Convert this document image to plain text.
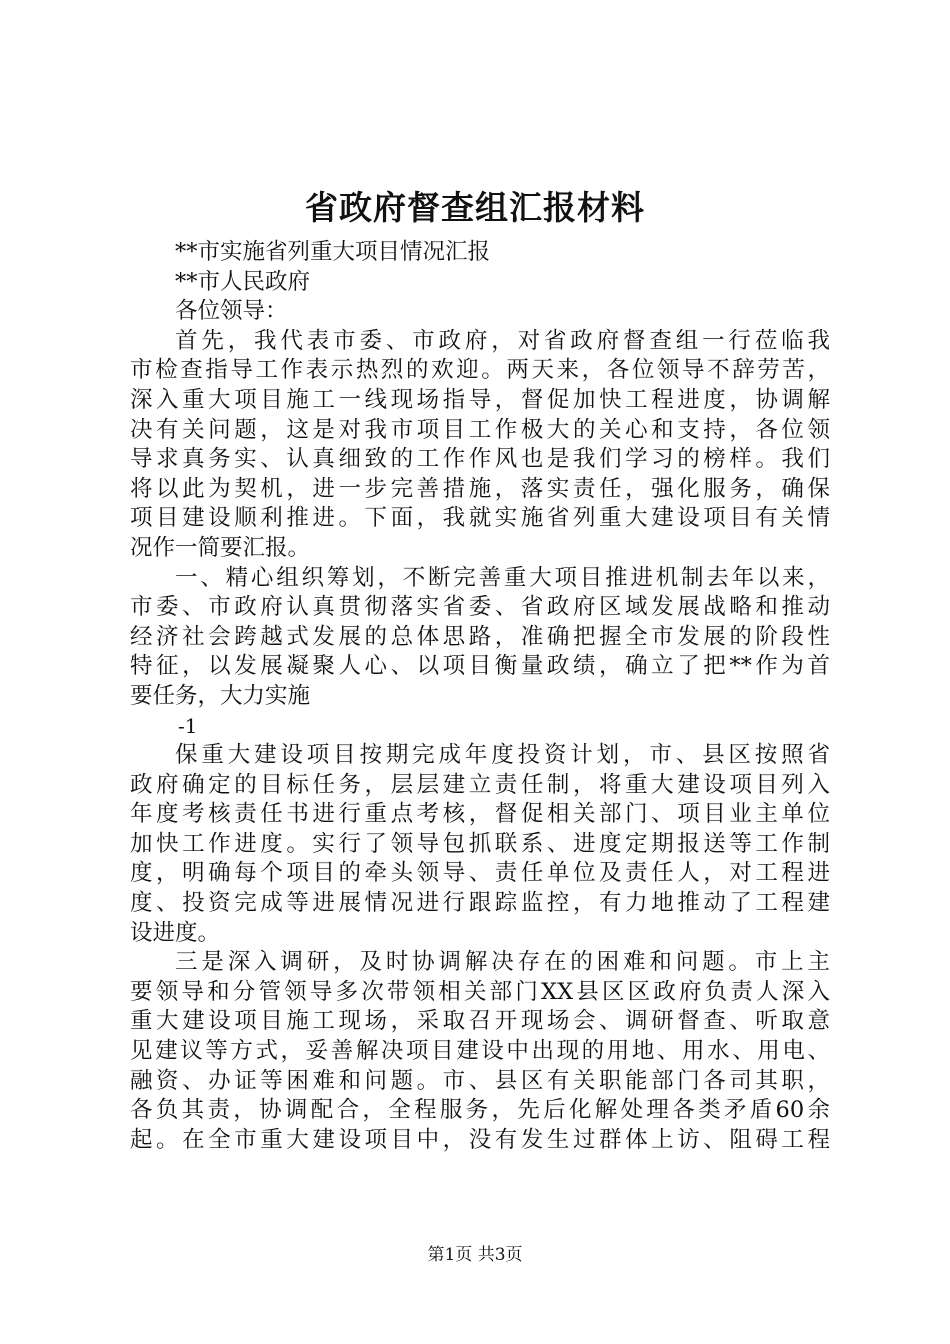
省政府督查组汇报材料
**市实施省列重大项目情况汇报
**市人民政府
各位领导：
首先，我代表市委、市政府，对省政府督查组一行莅临我
市检查指导工作表示热烈的欢迎。两天来，各位领导不辞劳苦，
深入重大项目施工一线现场指导，督促加快工程进度，协调解
决有关问题，这是对我市项目工作极大的关心和支持，各位领
导求真务实、认真细致的工作作风也是我们学习的榜样。我们
将以此为契机，进一步完善措施，落实责任，强化服务，确保
项目建设顺利推进。下面，我就实施省列重大建设项目有关情
况作一简要汇报。
一、精心组织筹划，不断完善重大项目推进机制去年以来，
市委、市政府认真贯彻落实省委、省政府区域发展战略和推动
经济社会跨越式发展的总体思路，准确把握全市发展的阶段性
特征，以发展凝聚人心、以项目衡量政绩，确立了把**作为首
要任务，大力实施
-1
保重大建设项目按期完成年度投资计划，市、县区按照省
政府确定的目标任务，层层建立责任制，将重大建设项目列入
年度考核责任书进行重点考核，督促相关部门、项目业主单位
加快工作进度。实行了领导包抓联系、进度定期报送等工作制
度，明确每个项目的牵头领导、责任单位及责任人，对工程进
度、投资完成等进展情况进行跟踪监控，有力地推动了工程建
设进度。
三是深入调研，及时协调解决存在的困难和问题。市上主
要领导和分管领导多次带领相关部门XX县区区政府负责人深入
重大建设项目施工现场，采取召开现场会、调研督查、听取意
见建议等方式，妥善解决项目建设中出现的用地、用水、用电、
融资、办证等困难和问题。市、县区有关职能部门各司其职，
各负其责，协调配合，全程服务，先后化解处理各类矛盾60余
起。在全市重大建设项目中，没有发生过群体上访、阻碍工程
第1页 共3页
